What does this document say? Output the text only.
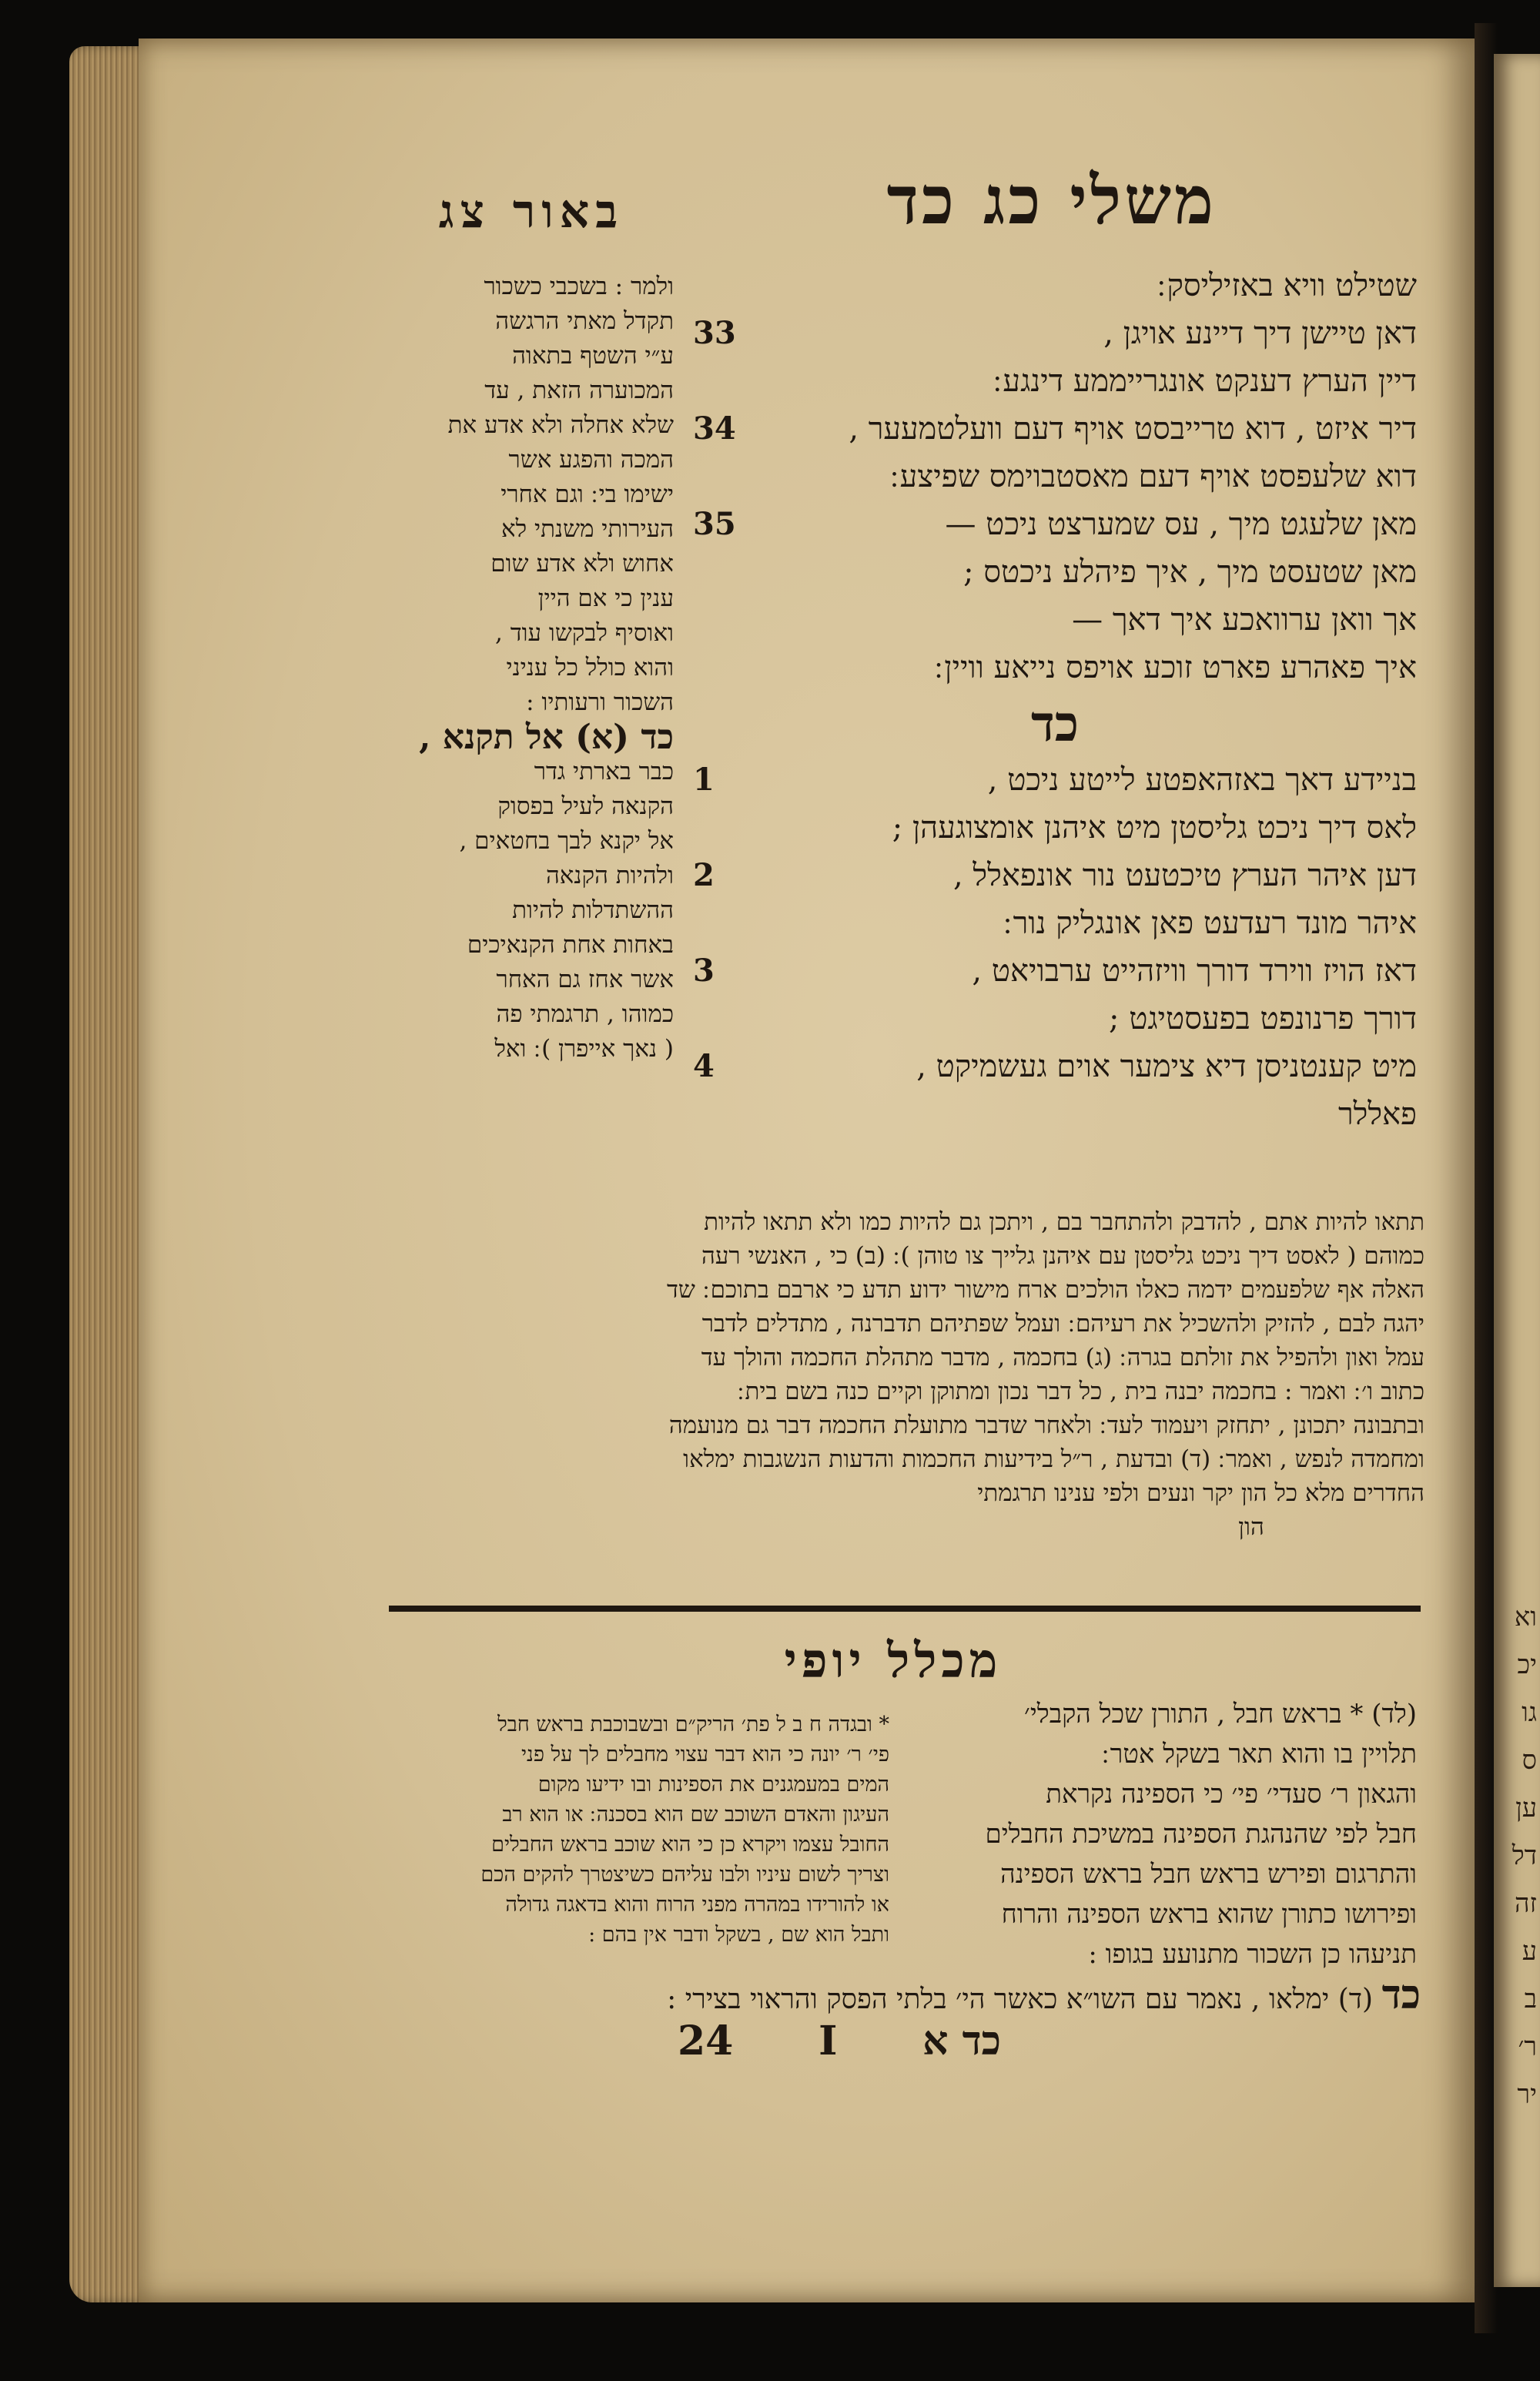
וא
יכ
גו
ס
ען
דל
זה
ע
ב
ר׳
יר
משלי כג כד
באור צג
שטילט וויא באזיליסק ׃
33	דאן טיישן דיך דיינע אויגן ,
דיין הערץ דענקט אונגרייממע דינגע ׃
34	דיר איזט , דוא טרייבסט אויף דעם וועלטמעער ,
דוא שלעפסט אויף דעם מאסטבוימס שפיצע ׃
35	מאן שלעגט מיך , עס שמערצט ניכט —
מאן שטעסט מיך , איך פיהלע ניכטס ;
אך וואן ערוואכע איך דאך —
איך פאהרע פארט זוכע אויפס נייאע וויין ׃
כד
1	בניידע דאך באזהאפטע לייטע ניכט ,
לאס דיך ניכט גליסטן מיט איהנן אומצוגעהן ;
2	דען איהר הערץ טיכטעט נור אונפאלל ,
איהר מונד רעדעט פאן אונגליק נור ׃
3	דאז הויז ווירד דורך וויזהייט ערבויאט ,
דורך פרנונפט בפעסטיגט ;
4	מיט קענטניסן דיא צימער אוים געשמיקט ,
פאללר
ולמר : בשכבי כשכור
תקדל מאתי הרגשה
ע״י השטף בתאוה
המכוערה הזאת , עד
שלא אחלה ולא אדע את
המכה והפגע אשר
ישימו בי ׃ וגם אחרי
העירותי משנתי לא
אחוש ולא אדע שום
ענין כי אם היין
ואוסיף לבקשו עוד ,
והוא כולל כל עניני
השכור ורעותיו :
כד (א) אל תקנא ,
כבר בארתי גדר
הקנאה לעיל בפסוק
אל יקנא לבך בחטאים ,
ולהיות הקנאה
ההשתדלות להיות
באחות אחת הקנאיכים
אשר אחז גם האחר
כמוהו , תרגמתי פה
( נאך אייפרן ) ׃ ואל
תתאו להיות אתם , להדבק ולהתחבר בם , ויתכן גם להיות כמו ולא תתאו להיות
כמוהם ( לאסט דיך ניכט גליסטן עם איהנן גלייך צו טוהן ) ׃ (ב) כי , האנשי רעה
האלה אף שלפעמים ידמה כאלו הולכים ארח מישור ידוע תדע כי ארבם בתוכם ׃ שד
יהגה לבם , להזיק ולהשכיל את רעיהם ׃ ועמל שפתיהם תדברנה , מתדלים לדבר
עמל ואון ולהפיל את זולתם בגרה ׃ (ג) בחכמה , מדבר מתהלת החכמה והולך עד
כתוב ו׳ ׃ ואמר : בחכמה יבנה בית , כל דבר נכון ומתוקן וקיים כנה בשם בית ׃
ובתבונה יתכונן , יתחזק ויעמוד לעד ׃ ולאחר שדבר מתועלת החכמה דבר גם מנועמה
ומחמדה לנפש , ואמר ׃ (ד) ובדעת , ר״ל בידיעות החכמות והדעות הנשגבות ימלאו
החדרים מלא כל הון יקר ונעים ולפי ענינו תרגמתי
הון
מכלל יופי
(לד) * בראש חבל , התורן שכל הקבלי׳
תלויין בו והוא תאר בשקל אטר ׃
והגאון ר׳ סעדי׳ פי׳ כי הספינה נקראת
חבל לפי שהנהגת הספינה במשיכת החבלים
והתרגום ופירש בראש חבל בראש הספינה
ופירושו כתורן שהוא בראש הספינה והרוח
תניעהו כן השכור מתנועע בגופו :
* ובגדה ח ב ל פת׳ הריק״ם ובשבוכבת בראש חבל
פי׳ ר׳ יונה כי הוא דבר עצוי מחבלים לך על פני
המים במעמגנים את הספינות ובו ידיעו מקום
העיגון והאדם השוכב שם הוא בסכנה ׃ או הוא רב
החובל עצמו ויקרא כן כי הוא שוכב בראש החבלים
וצריך לשום עיניו ולבו עליהם כשיצטרך להקים הכם
או להורידו במהרה מפני הרוח והוא בדאגה גדולה
ותבל הוא שם , בשקל ודבר אין בהם :
כד (ד) ימלאו , נאמר עם השו״א כאשר הי׳ בלתי הפסק והראוי בצירי :
24 I כד א
